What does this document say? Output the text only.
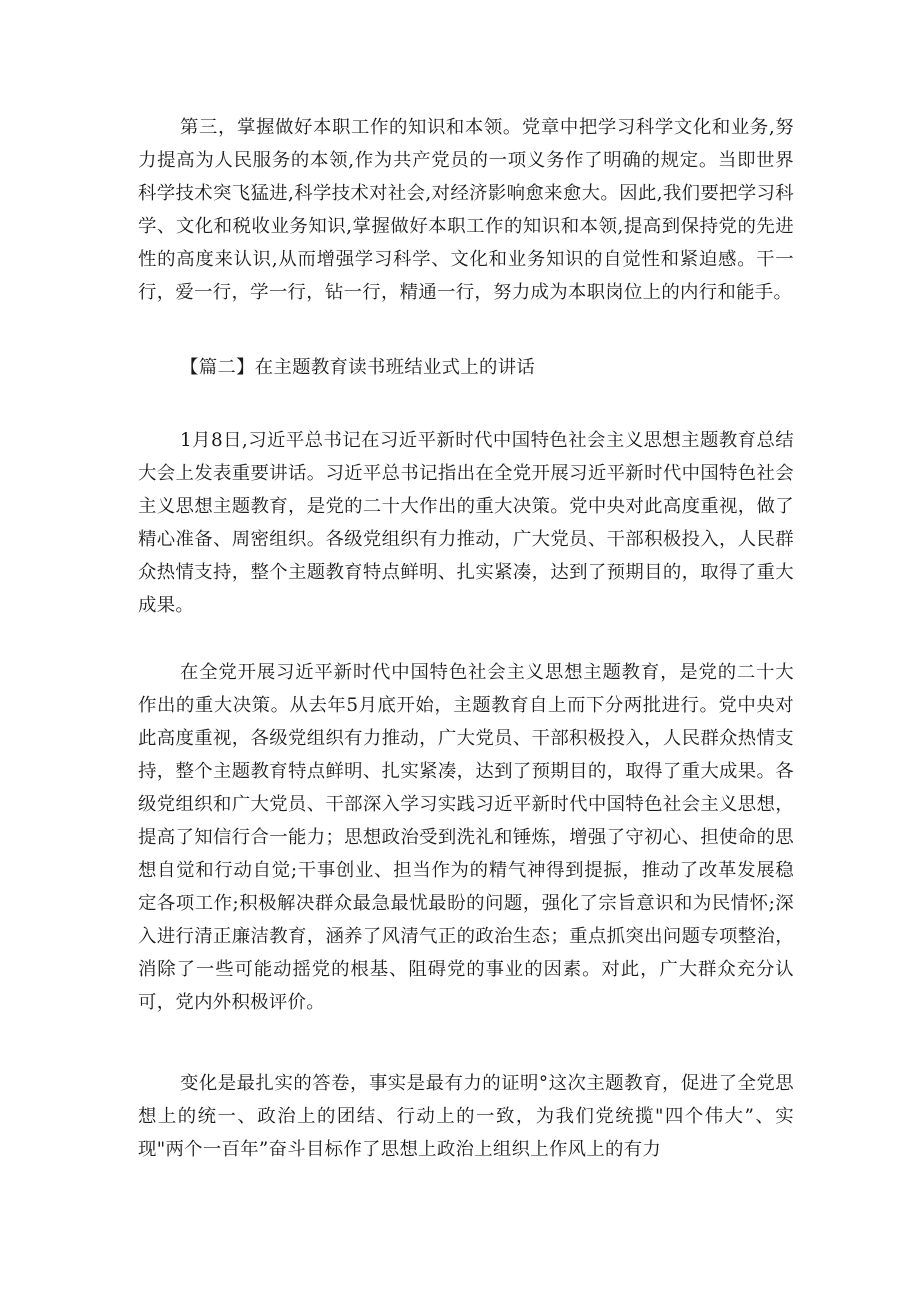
第三，掌握做好本职工作的知识和本领。党章中把学习科学文化和业务,努力提高为人民服务的本领,作为共产党员的一项义务作了明确的规定。当即世界科学技术突飞猛进,科学技术对社会,对经济影响愈来愈大。因此,我们要把学习科学、文化和税收业务知识,掌握做好本职工作的知识和本领,提高到保持党的先进性的高度来认识,从而增强学习科学、文化和业务知识的自觉性和紧迫感。干一行，爱一行，学一行，钻一行，精通一行，努力成为本职岗位上的内行和能手。

【篇二】在主题教育读书班结业式上的讲话

1月8日,习近平总书记在习近平新时代中国特色社会主义思想主题教育总结大会上发表重要讲话。习近平总书记指出在全党开展习近平新时代中国特色社会主义思想主题教育，是党的二十大作出的重大决策。党中央对此高度重视，做了精心准备、周密组织。各级党组织有力推动，广大党员、干部积极投入，人民群众热情支持，整个主题教育特点鲜明、扎实紧凑，达到了预期目的，取得了重大成果。

在全党开展习近平新时代中国特色社会主义思想主题教育，是党的二十大作出的重大决策。从去年5月底开始，主题教育自上而下分两批进行。党中央对此高度重视，各级党组织有力推动，广大党员、干部积极投入，人民群众热情支持，整个主题教育特点鲜明、扎实紧凑，达到了预期目的，取得了重大成果。各级党组织和广大党员、干部深入学习实践习近平新时代中国特色社会主义思想，提高了知信行合一能力；思想政治受到洗礼和锤炼，增强了守初心、担使命的思想自觉和行动自觉;干事创业、担当作为的精气神得到提振，推动了改革发展稳定各项工作;积极解决群众最急最忧最盼的问题，强化了宗旨意识和为民情怀;深入进行清正廉洁教育，涵养了风清气正的政治生态；重点抓突出问题专项整治，消除了一些可能动摇党的根基、阻碍党的事业的因素。对此，广大群众充分认可，党内外积极评价。

变化是最扎实的答卷，事实是最有力的证明°这次主题教育，促进了全党思想上的统一、政治上的团结、行动上的一致，为我们党统揽"四个伟大”、实现"两个一百年”奋斗目标作了思想上政治上组织上作风上的有力
